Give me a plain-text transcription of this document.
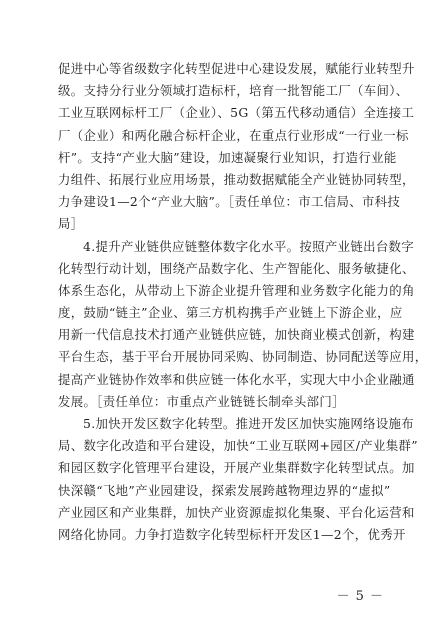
促进中心等省级数字化转型促进中心建设发展，赋能行业转型升
级。支持分行业分领域打造标杆，培育一批智能工厂（车间）、
工业互联网标杆工厂（企业）、5G（第五代移动通信）全连接工
厂（企业）和两化融合标杆企业，在重点行业形成“一行业一标
杆”。支持“产业大脑”建设，加速凝聚行业知识，打造行业能
力组件、拓展行业应用场景，推动数据赋能全产业链协同转型，
力争建设1—2个“产业大脑”。［责任单位：市工信局、市科技
局］
4.提升产业链供应链整体数字化水平。按照产业链出台数字
化转型行动计划，围绕产品数字化、生产智能化、服务敏捷化、
体系生态化，从带动上下游企业提升管理和业务数字化能力的角
度，鼓励“链主”企业、第三方机构携手产业链上下游企业，应
用新一代信息技术打通产业链供应链，加快商业模式创新，构建
平台生态，基于平台开展协同采购、协同制造、协同配送等应用，
提高产业链协作效率和供应链一体化水平，实现大中小企业融通
发展。［责任单位：市重点产业链链长制牵头部门］
5.加快开发区数字化转型。推进开发区加快实施网络设施布
局、数字化改造和平台建设，加快“工业互联网+园区/产业集群”
和园区数字化管理平台建设，开展产业集群数字化转型试点。加
快深赣“飞地”产业园建设，探索发展跨越物理边界的“虚拟”
产业园区和产业集群，加快产业资源虚拟化集聚、平台化运营和
网络化协同。力争打造数字化转型标杆开发区1—2个，优秀开
－ 5 －
